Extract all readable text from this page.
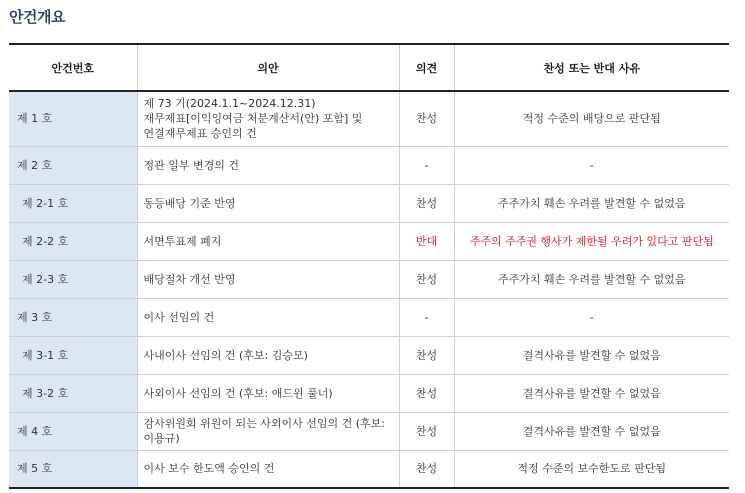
안건개요
안건번호	의안	의견	찬성 또는 반대 사유
제 1 호	제 73 기(2024.1.1~2024.12.31)
재무제표[이익잉여금 처분계산서(안) 포함] 및
연결재무제표 승인의 건	찬성	적정 수준의 배당으로 판단됨
제 2 호	정관 일부 변경의 건	-	-
제 2-1 호	동등배당 기준 반영	찬성	주주가치 훼손 우려를 발견할 수 없었음
제 2-2 호	서면투표제 폐지	반대	주주의 주주권 행사가 제한될 우려가 있다고 판단됨
제 2-3 호	배당절차 개선 반영	찬성	주주가치 훼손 우려를 발견할 수 없었음
제 3 호	이사 선임의 건	-	-
제 3-1 호	사내이사 선임의 건 (후보: 김승모)	찬성	결격사유를 발견할 수 없었음
제 3-2 호	사외이사 선임의 건 (후보: 애드윈 풀너)	찬성	결격사유를 발견할 수 없었음
제 4 호	감사위원회 위원이 되는 사외이사 선임의 건 (후보:
이용규)	찬성	결격사유를 발견할 수 없었음
제 5 호	이사 보수 한도액 승인의 건	찬성	적정 수준의 보수한도로 판단됨
